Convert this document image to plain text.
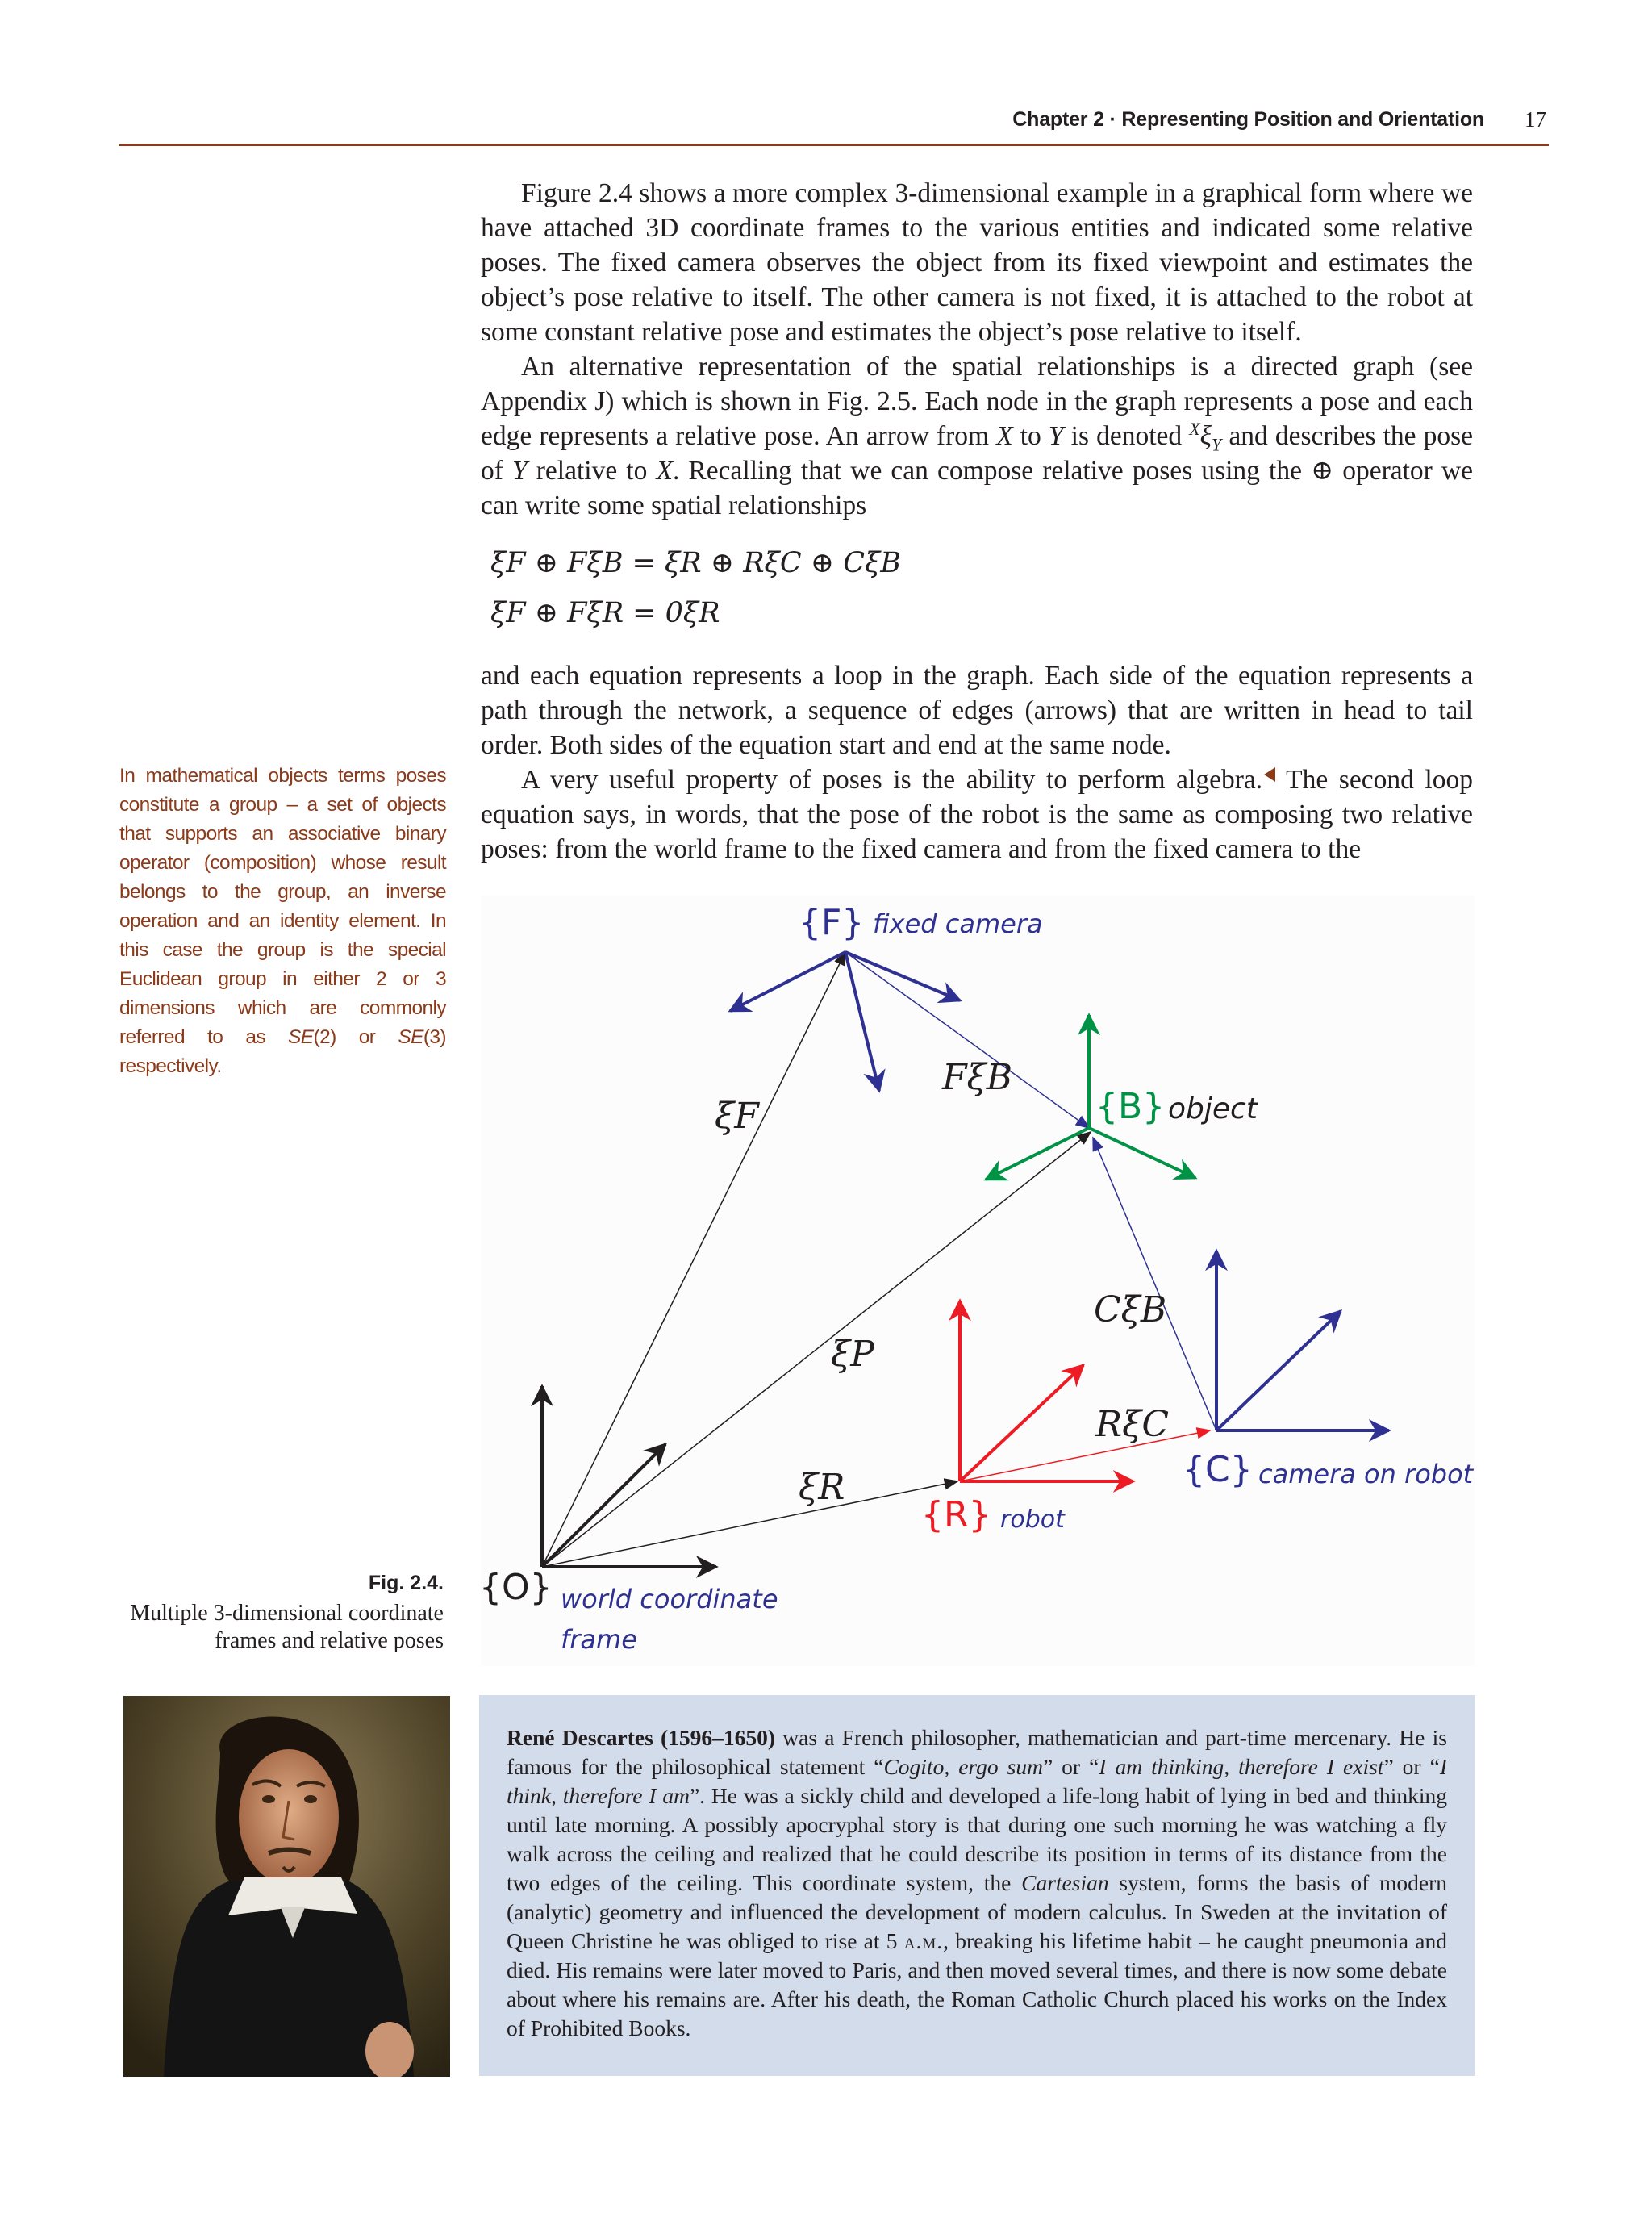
Chapter 2 · Representing Position and Orientation 17

Figure 2.4 shows a more complex 3-dimensional example in a graphical form where we have attached 3D coordinate frames to the various entities and indicated some relative poses. The fixed camera observes the object from its fixed viewpoint and estimates the object’s pose relative to itself. The other camera is not fixed, it is attached to the robot at some constant relative pose and estimates the object’s pose relative to itself.

An alternative representation of the spatial relationships is a directed graph (see Appendix J) which is shown in Fig. 2.5. Each node in the graph represents a pose and each edge represents a relative pose. An arrow from X to Y is denoted $^X\xi_Y$ and describes the pose of Y relative to X. Recalling that we can compose relative poses using the ⊕ operator we can write some spatial relationships

ξF ⊕ FξB = ξR ⊕ RξC ⊕ CξB
ξF ⊕ FξR = 0ξR

and each equation represents a loop in the graph. Each side of the equation represents a path through the network, a sequence of edges (arrows) that are written in head to tail order. Both sides of the equation start and end at the same node.

A very useful property of poses is the ability to perform algebra. The second loop equation says, in words, that the pose of the robot is the same as composing two relative poses: from the world frame to the fixed camera and from the fixed camera to the

In mathematical objects terms poses constitute a group – a set of objects that supports an associative binary operator (composition) whose result belongs to the group, an inverse operation and an identity element. In this case the group is the special Euclidean group in either 2 or 3 dimensions which are commonly referred to as SE(2) or SE(3) respectively.
ξF
FξB
ξP
CξB
RξC
ξR
{F} fixed camera
{B} object
{C} camera on robot
{R} robot
{O} world coordinate
frame
Fig. 2.4.
Multiple 3-dimensional coordinate frames and relative poses

René Descartes (1596–1650) was a French philosopher, mathematician and part-time mercenary. He is famous for the philosophical statement “Cogito, ergo sum” or “I am thinking, therefore I exist” or “I think, therefore I am”. He was a sickly child and developed a life-long habit of lying in bed and thinking until late morning. A possibly apocryphal story is that during one such morning he was watching a fly walk across the ceiling and realized that he could describe its position in terms of its distance from the two edges of the ceiling. This coordinate system, the Cartesian system, forms the basis of modern (analytic) geometry and influenced the development of modern calculus. In Sweden at the invitation of Queen Christine he was obliged to rise at 5 a.m., breaking his lifetime habit – he caught pneumonia and died. His remains were later moved to Paris, and then moved several times, and there is now some debate about where his remains are. After his death, the Roman Catholic Church placed his works on the Index of Prohibited Books.
